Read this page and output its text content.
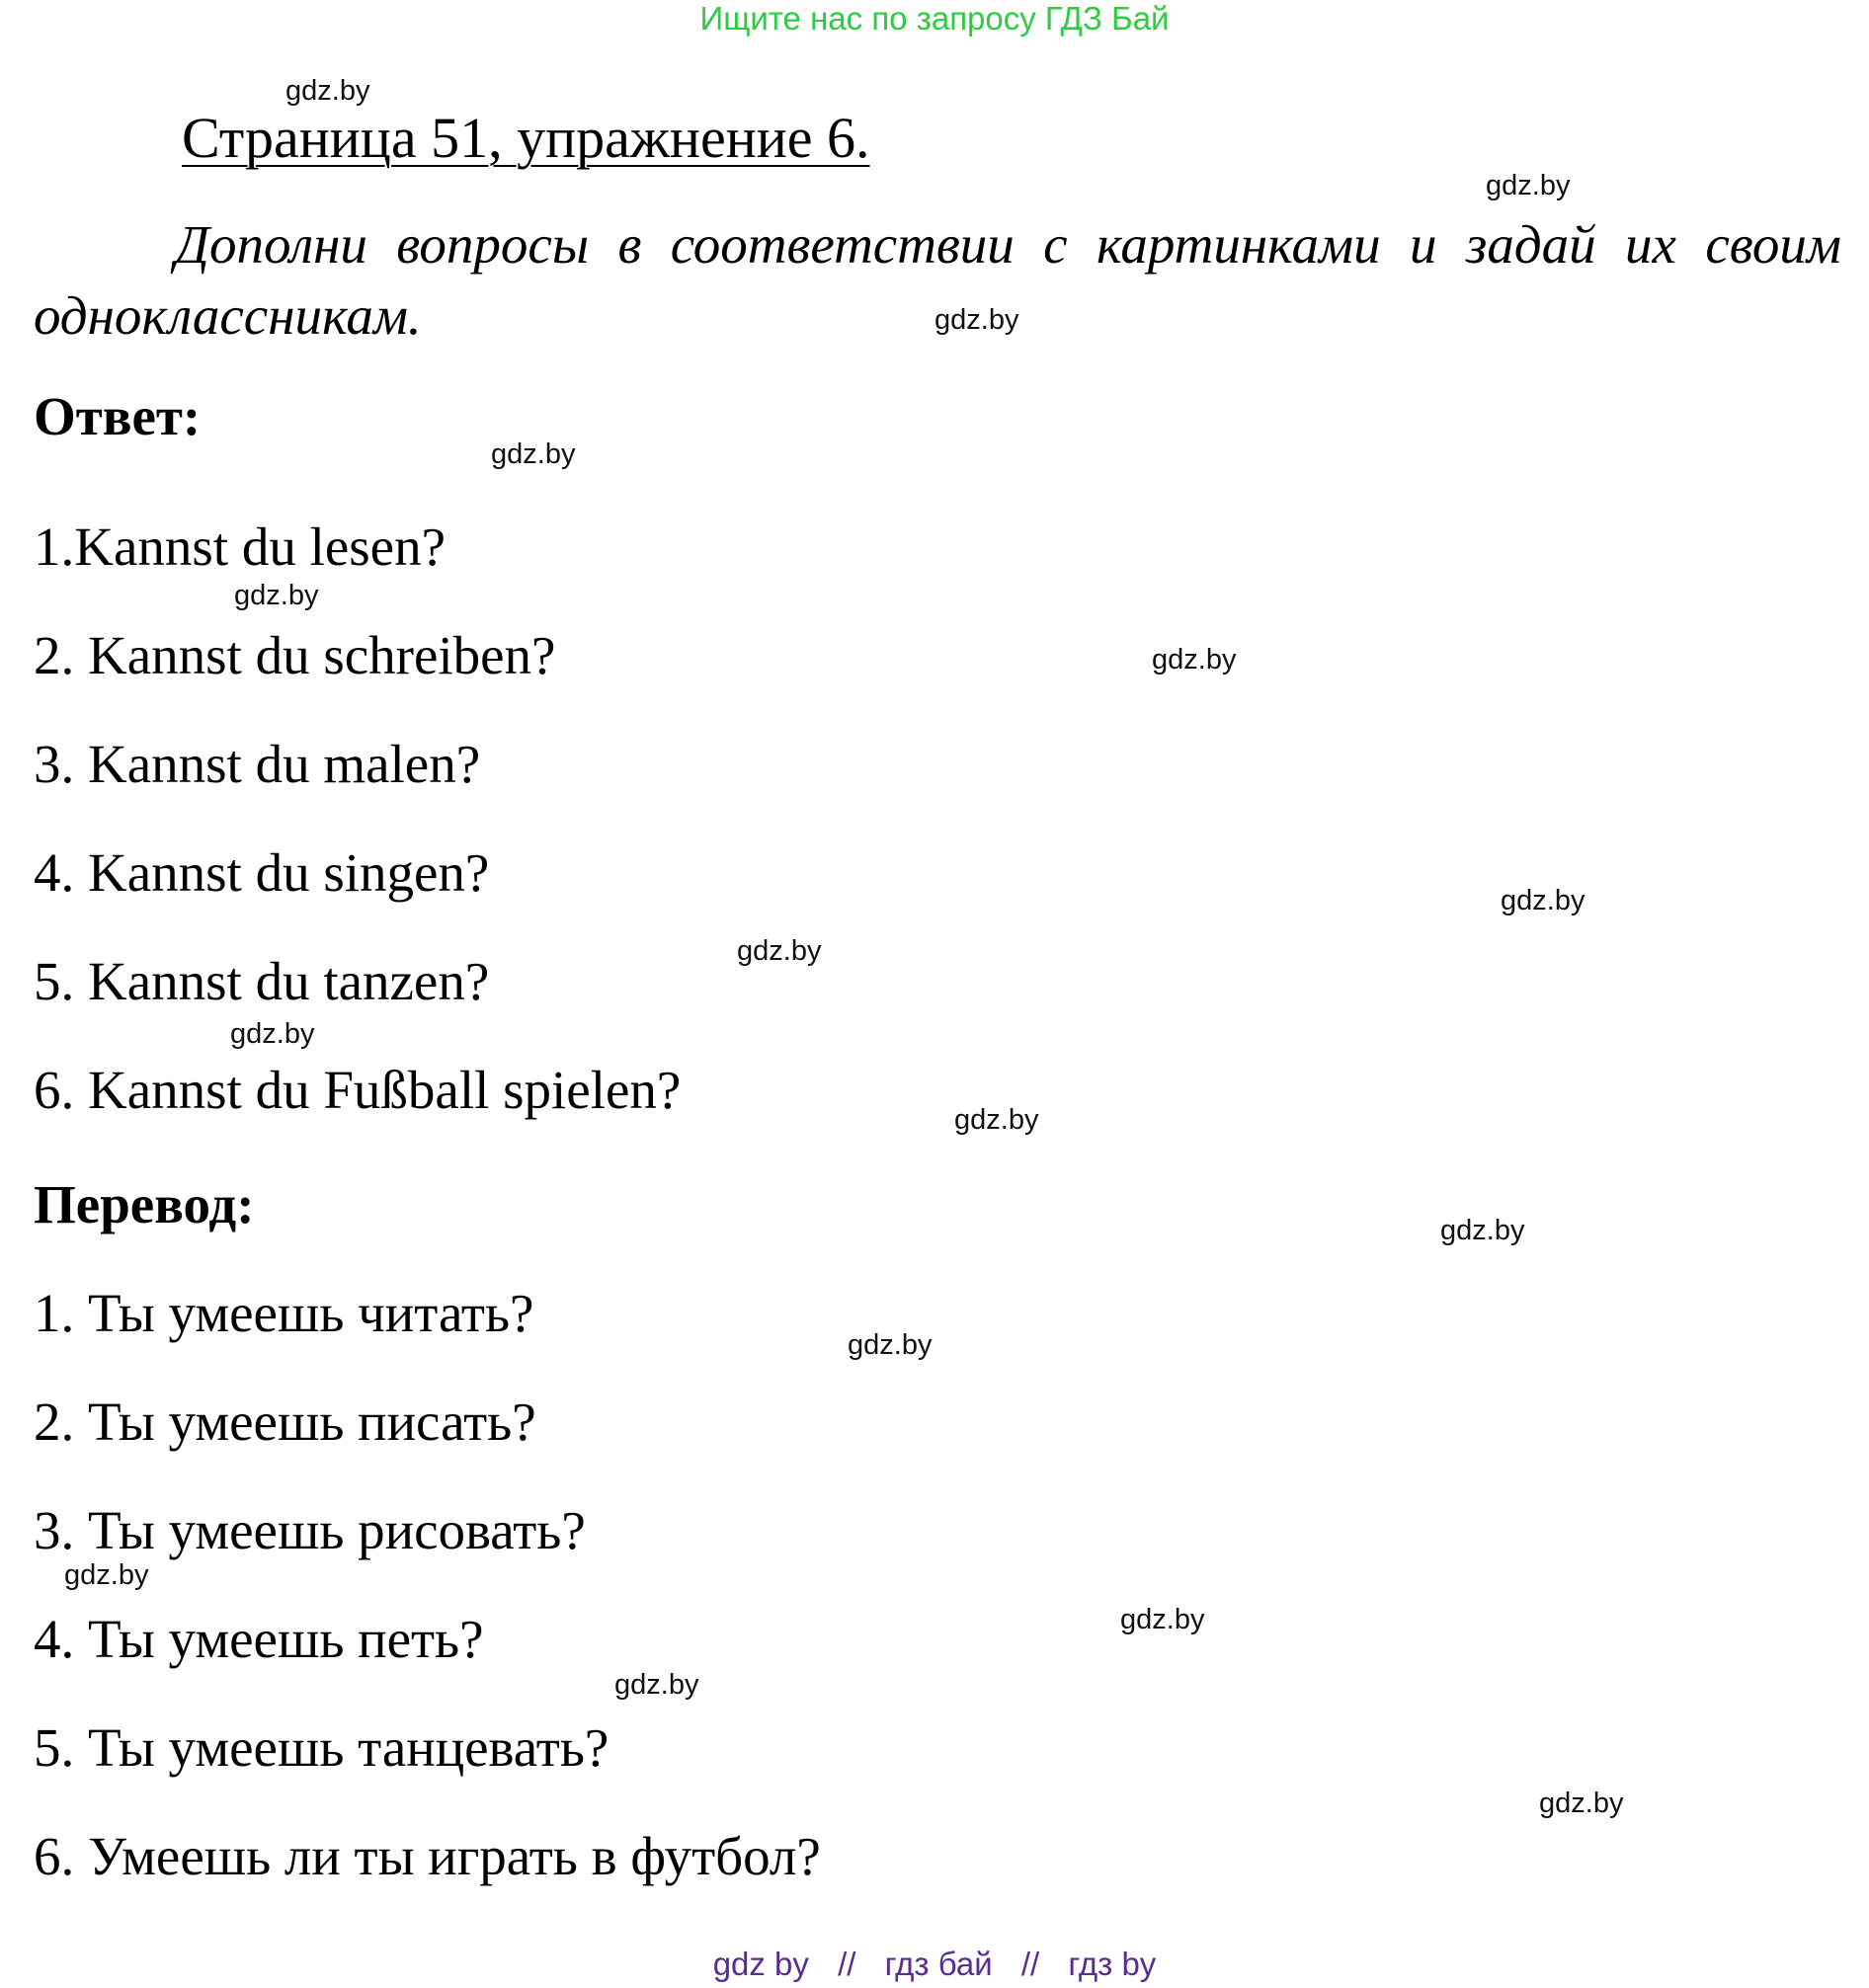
Ищите нас по запросу ГДЗ Бай
gdz.by
gdz.by
gdz.by
gdz.by
gdz.by
gdz.by
gdz.by
gdz.by
gdz.by
gdz.by
gdz.by
gdz.by
gdz.by
gdz.by
gdz.by
gdz.by
Страница 51, упражнение 6.
Дополни вопросы в соответствии с картинками и задай их своим одноклассникам.
Ответ:
1.Kannst du lesen?
2. Kannst du schreiben?
3. Kannst du malen?
4. Kannst du singen?
5. Kannst du tanzen?
6. Kannst du Fußball spielen?
Перевод:
1. Ты умеешь читать?
2. Ты умеешь писать?
3. Ты умеешь рисовать?
4. Ты умеешь петь?
5. Ты умеешь танцевать?
6. Умеешь ли ты играть в футбол?
gdz by // гдз бай // гдз by
